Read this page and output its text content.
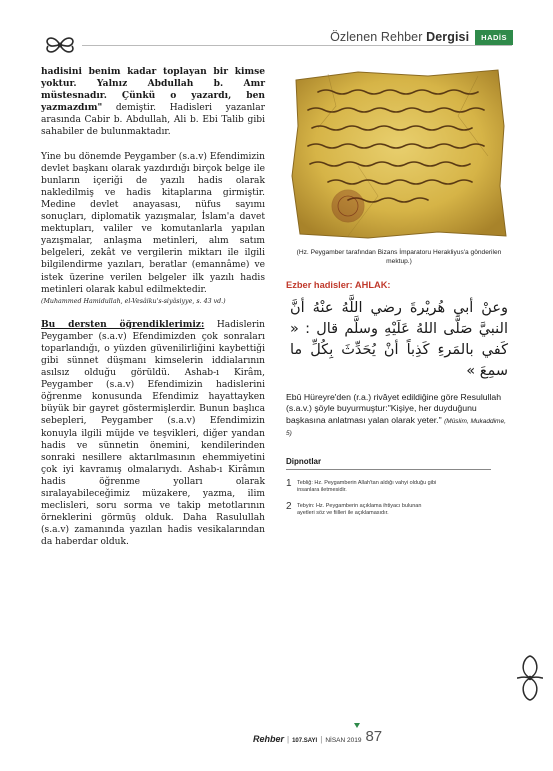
Özlenen Rehber Dergisi	HADİS

hadisini benim kadar toplayan bir kimse yoktur. Yalnız Abdullah b. Amr müstesnadır. Çünkü o yazardı, ben yazmazdım" demiştir. Hadisleri yazanlar arasında Cabir b. Abdullah, Ali b. Ebi Talib gibi sahabiler de bulunmaktadır.

Yine bu dönemde Peygamber (s.a.v) Efendimizin devlet başkanı olarak yazdırdığı birçok belge ile bunların içeriği de yazılı hadis olarak nakledilmiş ve hadis kitaplarına girmiştir. Medine devlet anayasası, nüfus sayımı sonuçları, diplomatik yazışmalar, İslam'a davet mektupları, valiler ve komutanlarla yapılan yazışmalar, anlaşma metinleri, alım satım belgeleri, zekât ve vergilerin miktarı ile ilgili bilgilendirme yazıları, beratlar (emannâme) ve istek üzerine verilen belgeler ilk yazılı hadis metinleri olarak kabul edilmektedir.

(Muhammed Hamidullah, el-Vesâiku's-siyâsiyye, s. 43 vd.)

Bu dersten öğrendiklerimiz: Hadislerin Peygamber (s.a.v) Efendimizden çok sonraları toparlandığı, o yüzden güvenilirliğini kaybettiği gibi sünnet düşmanı kimselerin iddialarının asılsız olduğu görüldü. Ashab-ı Kirâm, Peygamber (s.a.v) Efendimizin hadislerini öğrenme konusunda Efendimiz hayattayken büyük bir gayret göstermişlerdir. Bunun başlıca sebepleri, Peygamber (s.a.v) Efendimizin konuyla ilgili müjde ve teşvikleri, diğer yandan hadis ve sünnetin önemini, kendilerinden sonraki nesillere aktarılmasının ehemmiyetini çok iyi kavramış olmalarıydı. Ashab-ı Kirâmın hadis öğrenme yolları olarak sıralayabileceğimiz müzakere, yazma, ilim meclisleri, soru sorma ve takip metotlarının örneklerini görmüş olduk. Daha Rasulullah (s.a.v) zamanında yazılan hadis vesikalarından da haberdar olduk.

(Hz. Peygamber tarafından Bizans İmparatoru Herakliyus'a gönderilen mektup.)

Ezber hadisler: AHLAK:

وعنْ أبي هُريْرةَ رضي اللَّهُ عنْهُ أنَّ النبيَّ صَلَّى اللهُ عَلَيْهِ وسلَّم قال : « كَفي بالمَرءِ كَذِباً أنْ يُحَدِّثَ بِكُلِّ ما سمِعَ »

Ebû Hüreyre'den (r.a.) rivâyet edildiğine göre Resulullah (s.a.v.) şöyle buyurmuştur:"Kişiye, her duyduğunu başkasına anlatması yalan olarak yeter." (Müslim, Mukaddime, 5)

Dipnotlar

1 Tebliğ: Hz. Peygamberin Allah'tan aldığı vahyi olduğu gibi insanlara iletmesidir.
2 Tebyin: Hz. Peygamberin açıklama ihtiyacı bulunan ayetleri söz ve fiilleri ile açıklamasıdır.
Rehber | 107.SAYI | NİSAN 2019 87
